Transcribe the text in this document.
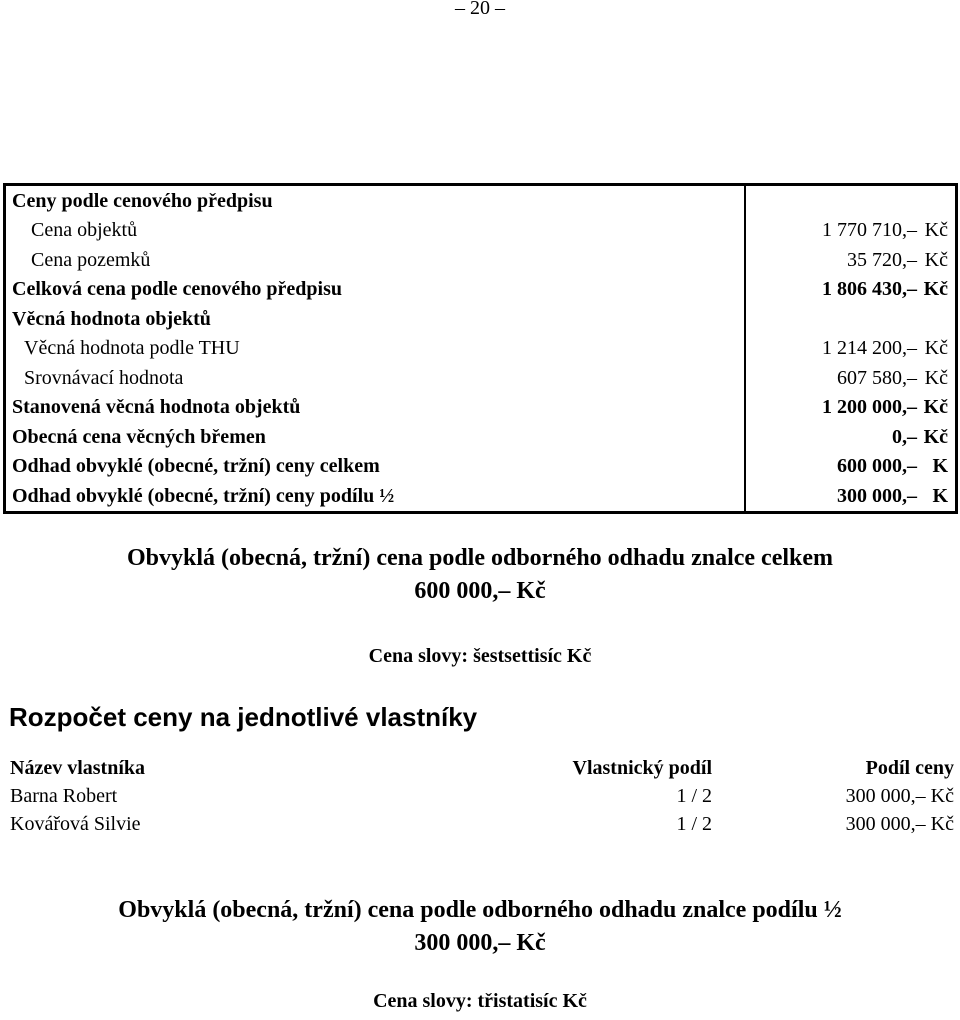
– 20 –
Ceny podle cenového předpisu	
Cena objektů	1 770 710,– Kč
Cena pozemků	35 720,– Kč
Celková cena podle cenového předpisu	1 806 430,– Kč
Věcná hodnota objektů	
Věcná hodnota podle THU	1 214 200,– Kč
Srovnávací hodnota	607 580,– Kč
Stanovená věcná hodnota objektů	1 200 000,– Kč
Obecná cena věcných břemen	0,– Kč
Odhad obvyklé (obecné, tržní) ceny celkem	600 000,– K
Odhad obvyklé (obecné, tržní) ceny podílu ½	300 000,– K
Obvyklá (obecná, tržní) cena podle odborného odhadu znalce celkem
600 000,– Kč
Cena slovy: šestsettisíc Kč
Rozpočet ceny na jednotlivé vlastníky
Název vlastníka	Vlastnický podíl	Podíl ceny
Barna Robert	1 / 2	300 000,– Kč
Kovářová Silvie	1 / 2	300 000,– Kč
Obvyklá (obecná, tržní) cena podle odborného odhadu znalce podílu ½
300 000,– Kč
Cena slovy: třistatisíc Kč
